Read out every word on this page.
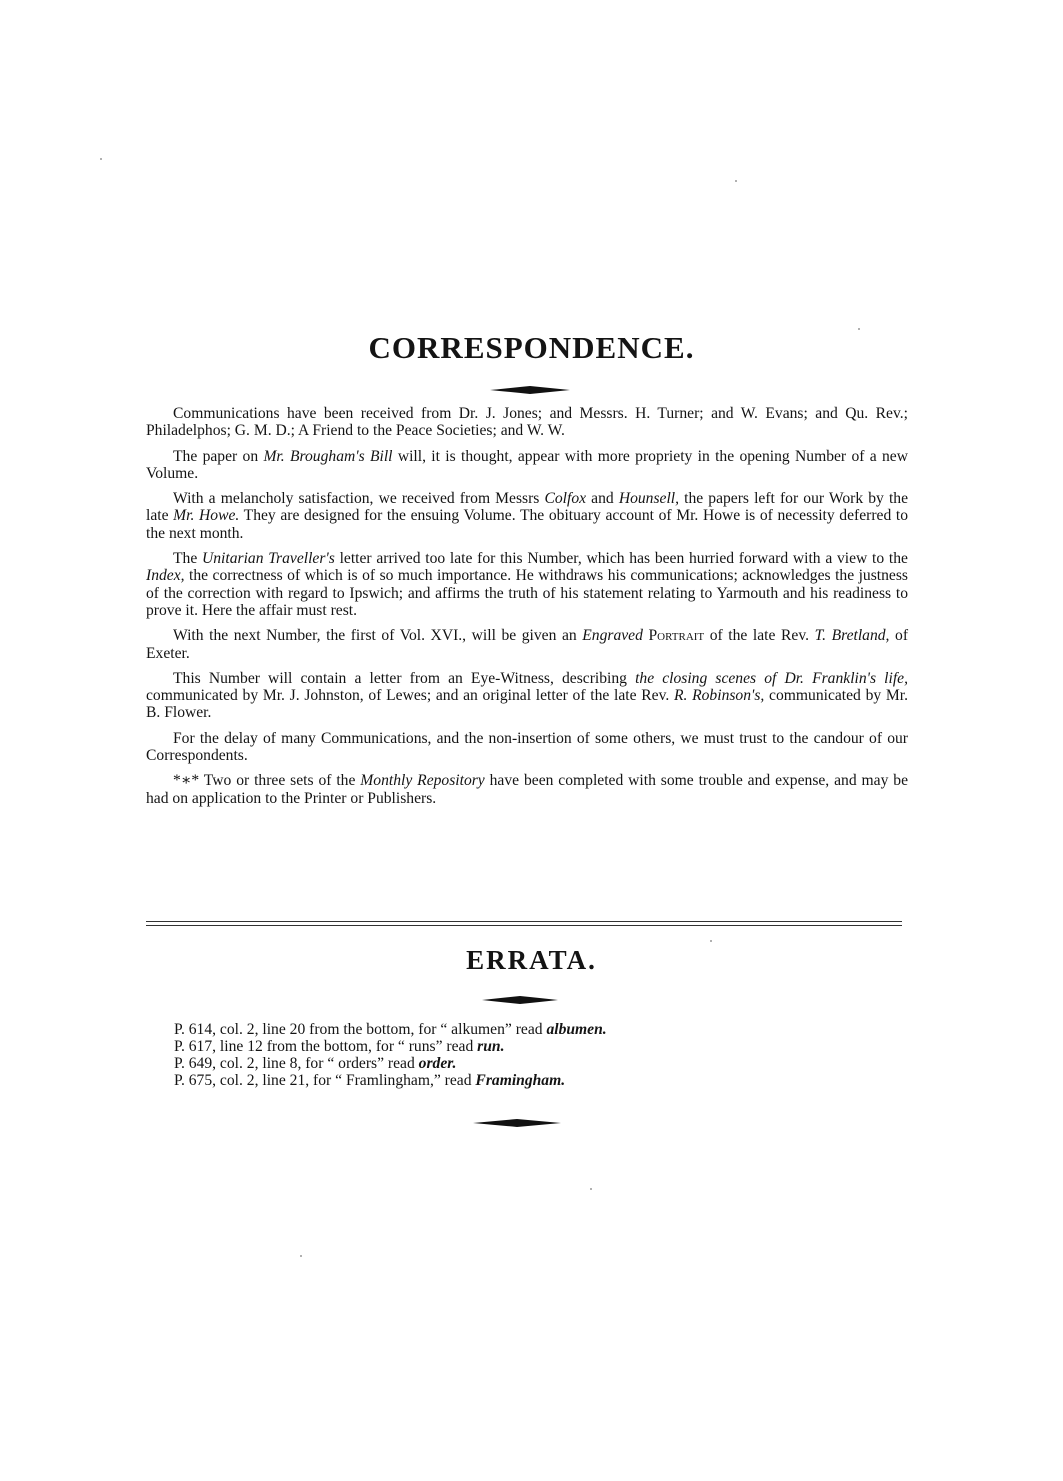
CORRESPONDENCE.

Communications have been received from Dr. J. Jones; and Messrs. H. Turner; and W. Evans; and Qu. Rev.; Philadelphos; G. M. D.; A Friend to the Peace Societies; and W. W.

The paper on Mr. Brougham's Bill will, it is thought, appear with more propriety in the opening Number of a new Volume.

With a melancholy satisfaction, we received from Messrs Colfox and Hounsell, the papers left for our Work by the late Mr. Howe. They are designed for the ensuing Volume. The obituary account of Mr. Howe is of necessity deferred to the next month.

The Unitarian Traveller's letter arrived too late for this Number, which has been hurried forward with a view to the Index, the correctness of which is of so much importance. He withdraws his communications; acknowledges the justness of the correction with regard to Ipswich; and affirms the truth of his statement relating to Yarmouth and his readiness to prove it. Here the affair must rest.

With the next Number, the first of Vol. XVI., will be given an Engraved Portrait of the late Rev. T. Bretland, of Exeter.

This Number will contain a letter from an Eye-Witness, describing the closing scenes of Dr. Franklin's life, communicated by Mr. J. Johnston, of Lewes; and an original letter of the late Rev. R. Robinson's, communicated by Mr. B. Flower.

For the delay of many Communications, and the non-insertion of some others, we must trust to the candour of our Correspondents.

*∗* Two or three sets of the Monthly Repository have been completed with some trouble and expense, and may be had on application to the Printer or Publishers.

ERRATA.
P. 614, col. 2, line 20 from the bottom, for “ alkumen” read albumen.
P. 617, line 12 from the bottom, for “ runs” read run.
P. 649, col. 2, line 8, for “ orders” read order.
P. 675, col. 2, line 21, for “ Framlingham,” read Framingham.
